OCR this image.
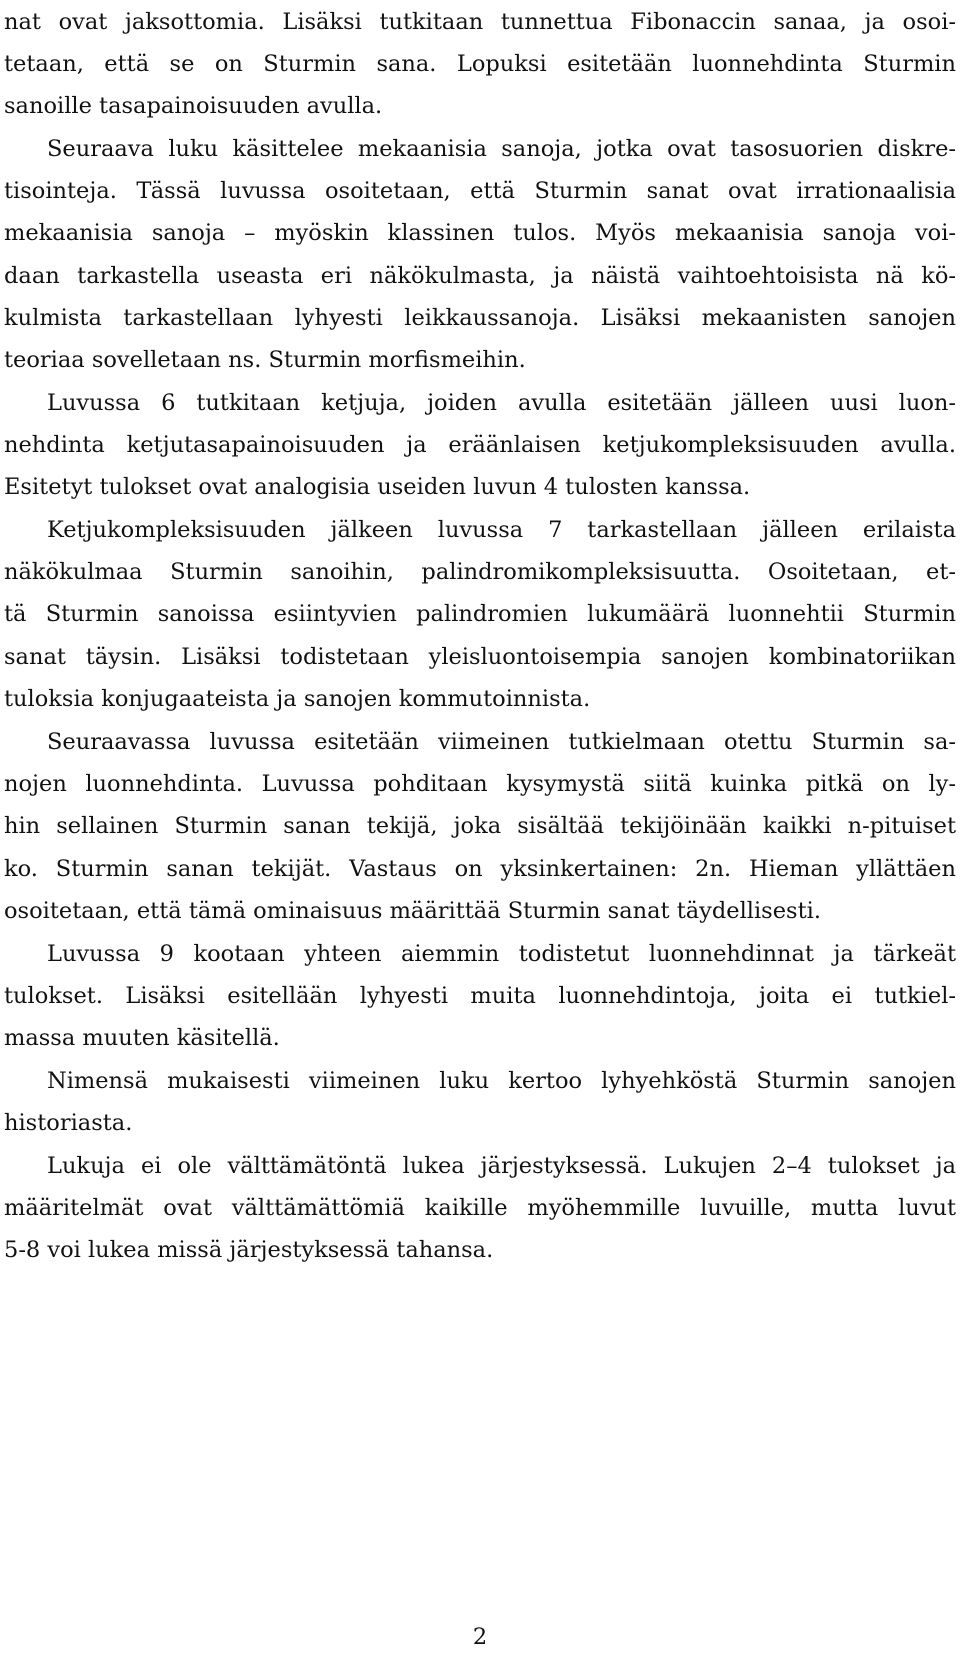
nat ovat jaksottomia. Lisäksi tutkitaan tunnettua Fibonaccin sanaa, ja osoi-
tetaan, että se on Sturmin sana. Lopuksi esitetään luonnehdinta Sturmin
sanoille tasapainoisuuden avulla.
Seuraava luku käsittelee mekaanisia sanoja, jotka ovat tasosuorien diskre-
tisointeja. Tässä luvussa osoitetaan, että Sturmin sanat ovat irrationaalisia
mekaanisia sanoja – myöskin klassinen tulos. Myös mekaanisia sanoja voi-
daan tarkastella useasta eri näkökulmasta, ja näistä vaihtoehtoisista nä kö-
kulmista tarkastellaan lyhyesti leikkaussanoja. Lisäksi mekaanisten sanojen
teoriaa sovelletaan ns. Sturmin morfismeihin.
Luvussa 6 tutkitaan ketjuja, joiden avulla esitetään jälleen uusi luon-
nehdinta ketjutasapainoisuuden ja eräänlaisen ketjukompleksisuuden avulla.
Esitetyt tulokset ovat analogisia useiden luvun 4 tulosten kanssa.
Ketjukompleksisuuden jälkeen luvussa 7 tarkastellaan jälleen erilaista
näkökulmaa Sturmin sanoihin, palindromikompleksisuutta. Osoitetaan, et-
tä Sturmin sanoissa esiintyvien palindromien lukumäärä luonnehtii Sturmin
sanat täysin. Lisäksi todistetaan yleisluontoisempia sanojen kombinatoriikan
tuloksia konjugaateista ja sanojen kommutoinnista.
Seuraavassa luvussa esitetään viimeinen tutkielmaan otettu Sturmin sa-
nojen luonnehdinta. Luvussa pohditaan kysymystä siitä kuinka pitkä on ly-
hin sellainen Sturmin sanan tekijä, joka sisältää tekijöinään kaikki n-pituiset
ko. Sturmin sanan tekijät. Vastaus on yksinkertainen: 2n. Hieman yllättäen
osoitetaan, että tämä ominaisuus määrittää Sturmin sanat täydellisesti.
Luvussa 9 kootaan yhteen aiemmin todistetut luonnehdinnat ja tärkeät
tulokset. Lisäksi esitellään lyhyesti muita luonnehdintoja, joita ei tutkiel-
massa muuten käsitellä.
Nimensä mukaisesti viimeinen luku kertoo lyhyehköstä Sturmin sanojen
historiasta.
Lukuja ei ole välttämätöntä lukea järjestyksessä. Lukujen 2–4 tulokset ja
määritelmät ovat välttämättömiä kaikille myöhemmille luvuille, mutta luvut
5-8 voi lukea missä järjestyksessä tahansa.
2
